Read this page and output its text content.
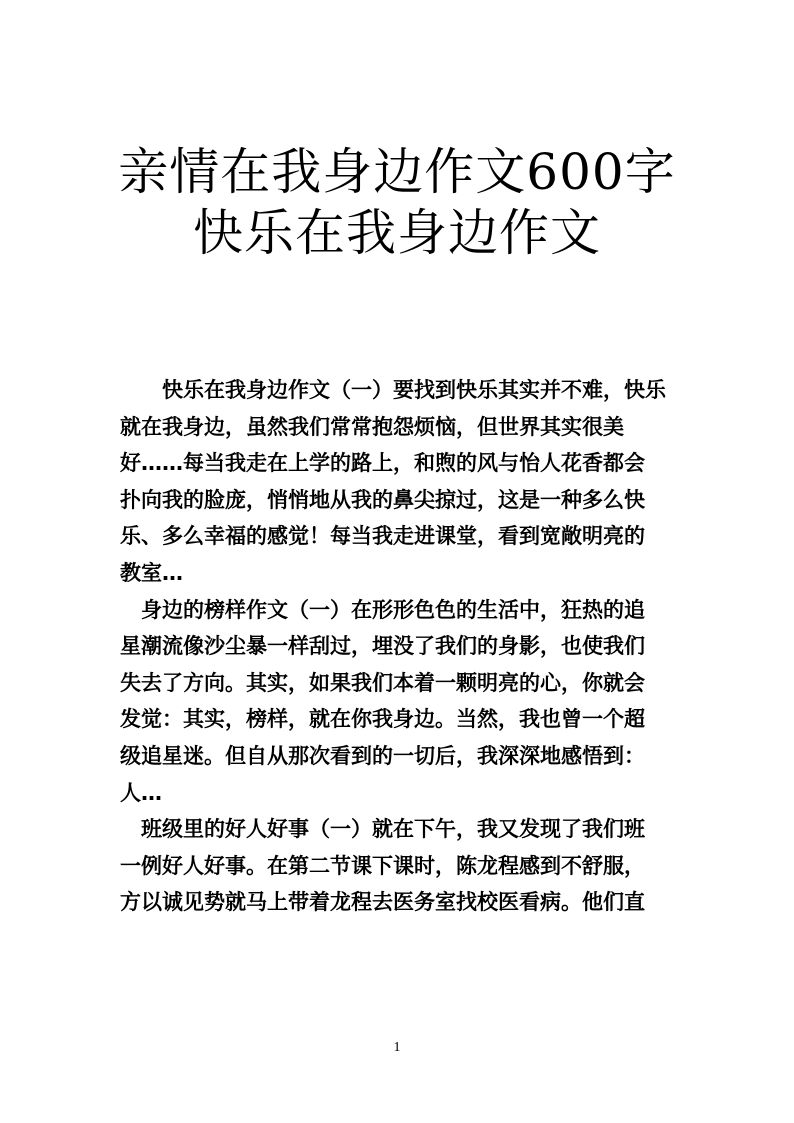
亲情在我身边作文600字
快乐在我身边作文
快乐在我身边作文（一）要找到快乐其实并不难，快乐
就在我身边，虽然我们常常抱怨烦恼，但世界其实很美
好……每当我走在上学的路上，和煦的风与怡人花香都会
扑向我的脸庞，悄悄地从我的鼻尖掠过，这是一种多么快
乐、多么幸福的感觉！每当我走进课堂，看到宽敞明亮的
教室…
身边的榜样作文（一）在形形色色的生活中，狂热的追
星潮流像沙尘暴一样刮过，埋没了我们的身影，也使我们
失去了方向。其实，如果我们本着一颗明亮的心，你就会
发觉：其实，榜样，就在你我身边。当然，我也曾一个超
级追星迷。但自从那次看到的一切后，我深深地感悟到：
人…
班级里的好人好事（一）就在下午，我又发现了我们班
一例好人好事。在第二节课下课时，陈龙程感到不舒服，
方以诚见势就马上带着龙程去医务室找校医看病。他们直
1
